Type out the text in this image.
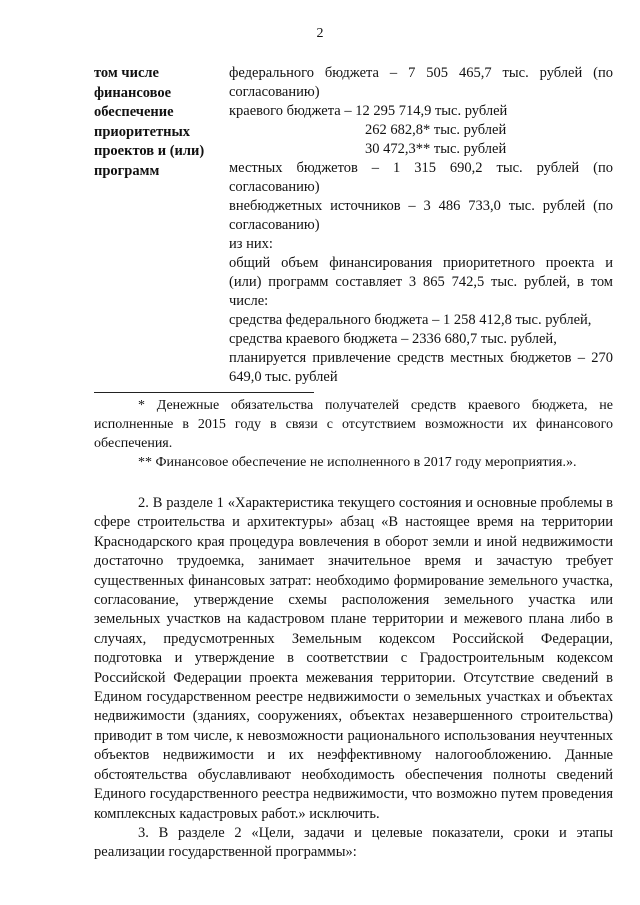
2
том числе
финансовое
обеспечение
приоритетных
проектов и (или)
программ

федерального бюджета – 7 505 465,7 тыс. рублей (по согласованию)

краевого бюджета – 12 295 714,9 тыс. рублей

262 682,8* тыс. рублей

30 472,3** тыс. рублей

местных бюджетов – 1 315 690,2 тыс. рублей (по согласованию)

внебюджетных источников – 3 486 733,0 тыс. рублей (по согласованию)

из них:

общий объем финансирования приоритетного проекта и (или) программ составляет 3 865 742,5 тыс. рублей, в том числе:

средства федерального бюджета – 1 258 412,8 тыс. рублей,

средства краевого бюджета – 2336 680,7 тыс. рублей,

планируется привлечение средств местных бюджетов – 270 649,0 тыс. рублей

* Денежные обязательства получателей средств краевого бюджета, не исполненные в 2015 году в связи с отсутствием возможности их финансового обеспечения.

** Финансовое обеспечение не исполненного в 2017 году мероприятия.».

2. В разделе 1 «Характеристика текущего состояния и основные проблемы в сфере строительства и архитектуры» абзац «В настоящее время на территории Краснодарского края процедура вовлечения в оборот земли и иной недвижимости достаточно трудоемка, занимает значительное время и зачастую требует существенных финансовых затрат: необходимо формирование земельного участка, согласование, утверждение схемы расположения земельного участка или земельных участков на кадастровом плане территории и межевого плана либо в случаях, предусмотренных Земельным кодексом Российской Федерации, подготовка и утверждение в соответствии с Градостроительным кодексом Российской Федерации проекта межевания территории. Отсутствие сведений в Едином государственном реестре недвижимости о земельных участках и объектах недвижимости (зданиях, сооружениях, объектах незавершенного строительства) приводит в том числе, к невозможности рационального использования неучтенных объектов недвижимости и их неэффективному налогообложению. Данные обстоятельства обуславливают необходимость обеспечения полноты сведений Единого государственного реестра недвижимости, что возможно путем проведения комплексных кадастровых работ.» исключить.

3. В разделе 2 «Цели, задачи и целевые показатели, сроки и этапы реализации государственной программы»:
